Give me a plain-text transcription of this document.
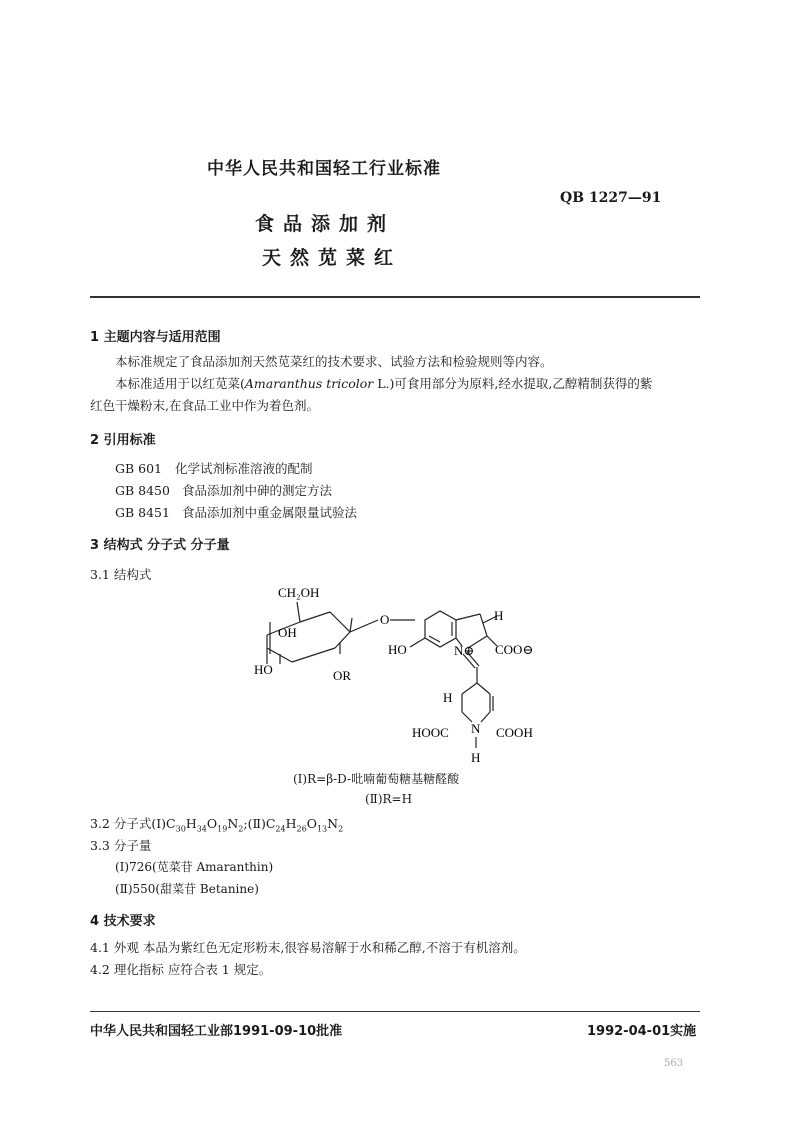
中华人民共和国轻工行业标准
QB 1227—91
食品添加剂
天然苋菜红
1 主题内容与适用范围
本标准规定了食品添加剂天然苋菜红的技术要求、试验方法和检验规则等内容。
本标准适用于以红苋菜(Amaranthus tricolor L.)可食用部分为原料,经水提取,乙醇精制获得的紫
红色干燥粉末,在食品工业中作为着色剂。
2 引用标准
GB 601 化学试剂标准溶液的配制
GB 8450 食品添加剂中砷的测定方法
GB 8451 食品添加剂中重金属限量试验法
3 结构式 分子式 分子量
3.1 结构式
CH₂OH
OH
HO	OR
O
HO
H
N⊕ COO⊖
H
HOOC N COOH
H
(Ⅰ)R=β-D-吡喃葡萄糖基糖醛酸
(Ⅱ)R=H
3.2 分子式$(Ⅰ)C_{30}H_{34}O_{19}N_2;(Ⅱ)C_{24}H_{26}O_{13}N_2$
3.3 分子量
(Ⅰ)726(苋菜苷 Amaranthin)
(Ⅱ)550(甜菜苷 Betanine)
4 技术要求
4.1 外观 本品为紫红色无定形粉末,很容易溶解于水和稀乙醇,不溶于有机溶剂。
4.2 理化指标 应符合表 1 规定。
中华人民共和国轻工业部1991-09-10批准	1992-04-01实施
563
